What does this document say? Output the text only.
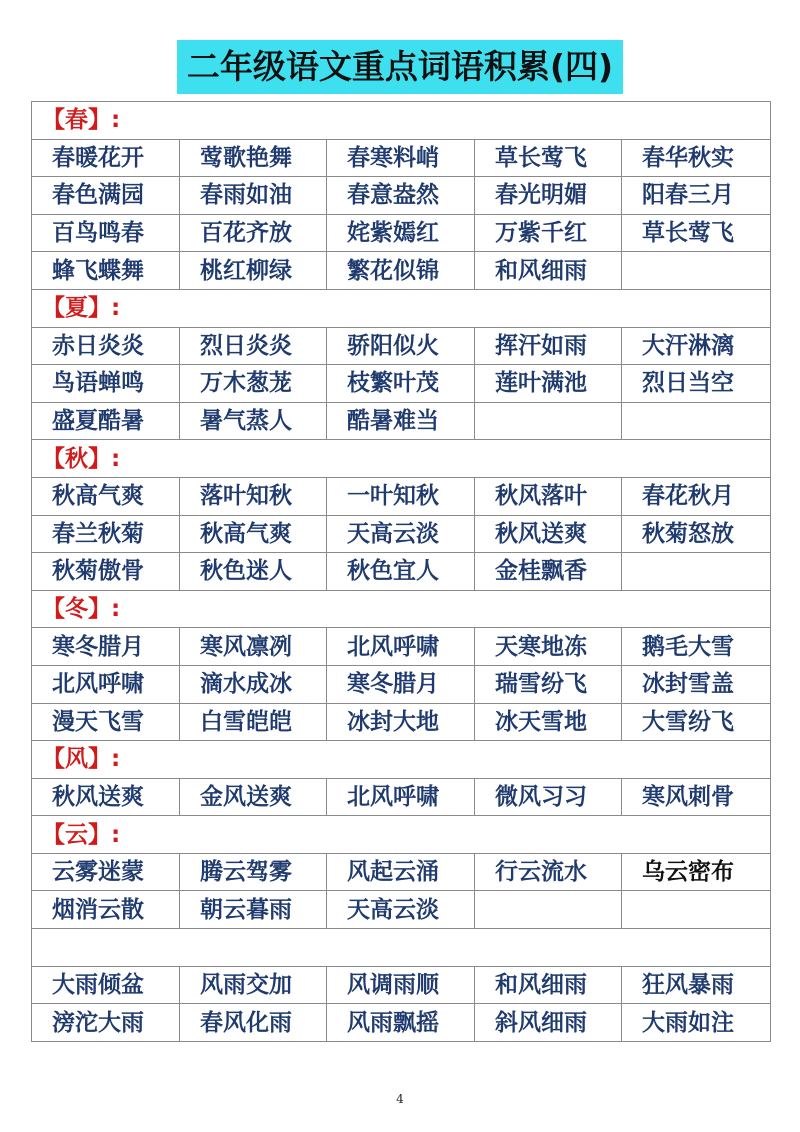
二年级语文重点词语积累(四)
【春】:				
春暖花开	莺歌艳舞	春寒料峭	草长莺飞	春华秋实
春色满园	春雨如油	春意盎然	春光明媚	阳春三月
百鸟鸣春	百花齐放	姹紫嫣红	万紫千红	草长莺飞
蜂飞蝶舞	桃红柳绿	繁花似锦	和风细雨	
【夏】:				
赤日炎炎	烈日炎炎	骄阳似火	挥汗如雨	大汗淋漓
鸟语蝉鸣	万木葱茏	枝繁叶茂	莲叶满池	烈日当空
盛夏酷暑	暑气蒸人	酷暑难当		
【秋】:				
秋高气爽	落叶知秋	一叶知秋	秋风落叶	春花秋月
春兰秋菊	秋高气爽	天高云淡	秋风送爽	秋菊怒放
秋菊傲骨	秋色迷人	秋色宜人	金桂飘香	
【冬】:				
寒冬腊月	寒风凛冽	北风呼啸	天寒地冻	鹅毛大雪
北风呼啸	滴水成冰	寒冬腊月	瑞雪纷飞	冰封雪盖
漫天飞雪	白雪皑皑	冰封大地	冰天雪地	大雪纷飞
【风】:				
秋风送爽	金风送爽	北风呼啸	微风习习	寒风刺骨
【云】:				
云雾迷蒙	腾云驾雾	风起云涌	行云流水	乌云密布
烟消云散	朝云暮雨	天高云淡		

大雨倾盆	风雨交加	风调雨顺	和风细雨	狂风暴雨
滂沱大雨	春风化雨	风雨飘摇	斜风细雨	大雨如注
4
